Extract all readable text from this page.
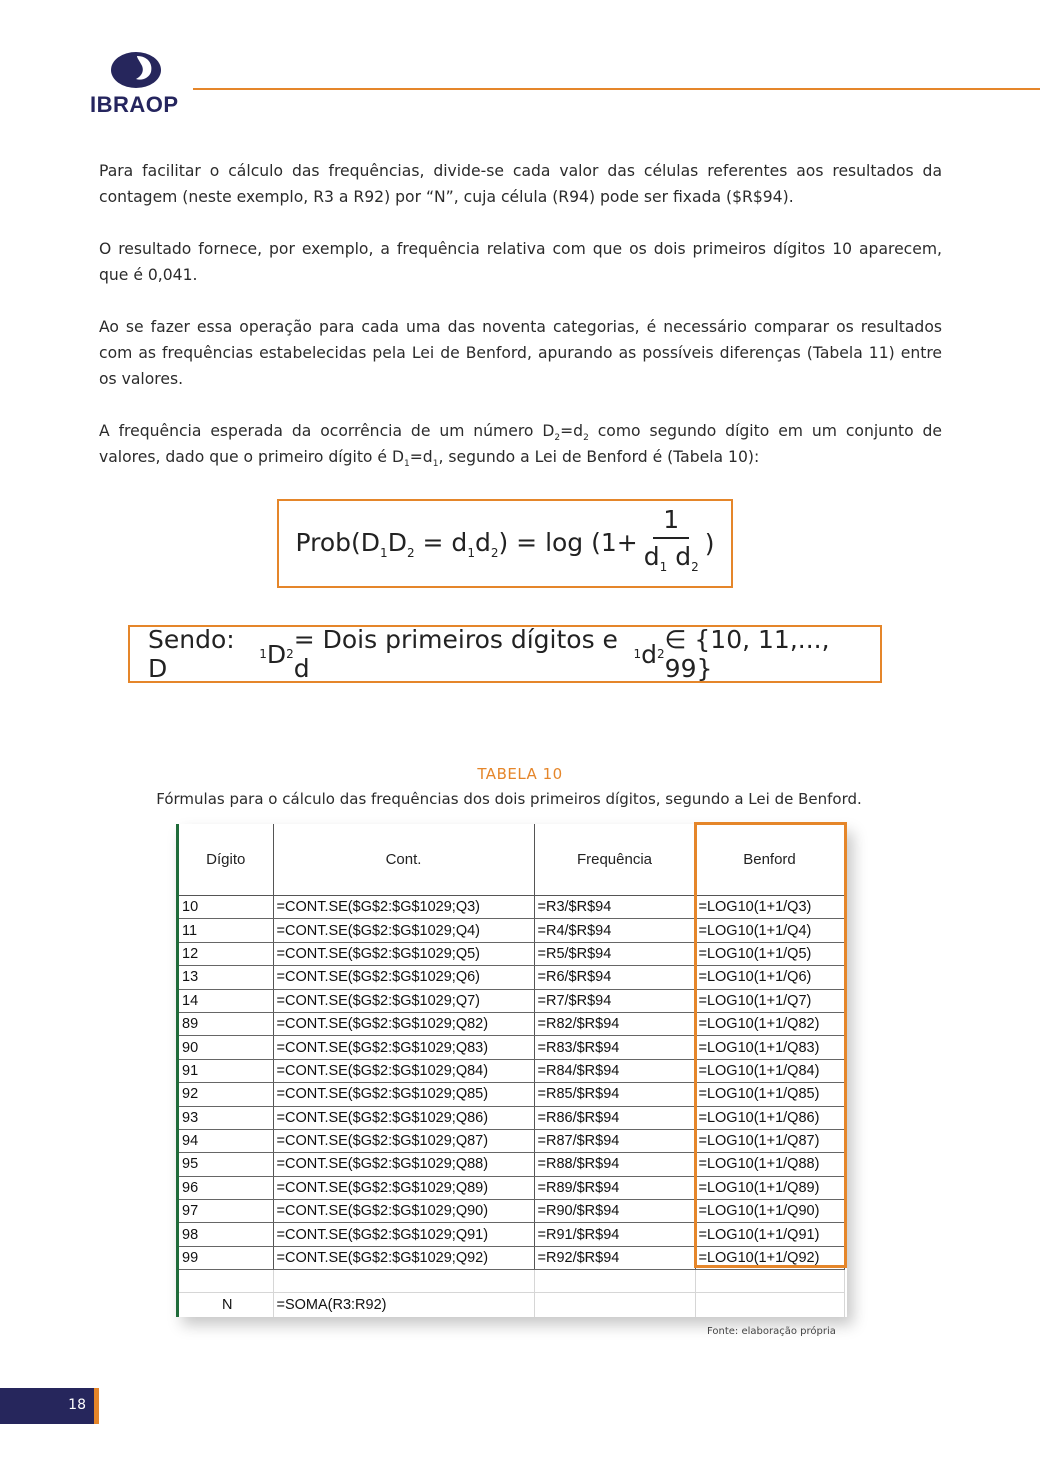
IBRAOP

Para facilitar o cálculo das frequências, divide-se cada valor das células referentes aos resultados da contagem (neste exemplo, R3 a R92) por “N”, cuja célula (R94) pode ser fixada ($R$94).

O resultado fornece, por exemplo, a frequência relativa com que os dois primeiros dígitos 10 aparecem, que é 0,041.

Ao se fazer essa operação para cada uma das noventa categorias, é necessário comparar os resultados com as frequências estabelecidas pela Lei de Benford, apurando as possíveis diferenças (Tabela 11) entre os valores.

A frequência esperada da ocorrência de um número $D_2=d_2$ como segundo dígito em um conjunto de valores, dado que o primeiro dígito é $D_1=d_1$, segundo a Lei de Benford é (Tabela 10):

$Prob(D_1D_2 = d_1d_2) = \log (1+ \frac{1}{d_1 d_2}$ )
Sendo: D	1 D 2 = Dois primeiros dígitos e d	1 d 2 ∈ {10, 11,..., 99}
TABELA 10
Fórmulas para o cálculo das frequências dos dois primeiros dígitos, segundo a Lei de Benford.
Dígito	Cont.	Frequência	Benford
10	=CONT.SE($G$2:$G$1029;Q3)	=R3/$R$94	=LOG10(1+1/Q3)
11	=CONT.SE($G$2:$G$1029;Q4)	=R4/$R$94	=LOG10(1+1/Q4)
12	=CONT.SE($G$2:$G$1029;Q5)	=R5/$R$94	=LOG10(1+1/Q5)
13	=CONT.SE($G$2:$G$1029;Q6)	=R6/$R$94	=LOG10(1+1/Q6)
14	=CONT.SE($G$2:$G$1029;Q7)	=R7/$R$94	=LOG10(1+1/Q7)
89	=CONT.SE($G$2:$G$1029;Q82)	=R82/$R$94	=LOG10(1+1/Q82)
90	=CONT.SE($G$2:$G$1029;Q83)	=R83/$R$94	=LOG10(1+1/Q83)
91	=CONT.SE($G$2:$G$1029;Q84)	=R84/$R$94	=LOG10(1+1/Q84)
92	=CONT.SE($G$2:$G$1029;Q85)	=R85/$R$94	=LOG10(1+1/Q85)
93	=CONT.SE($G$2:$G$1029;Q86)	=R86/$R$94	=LOG10(1+1/Q86)
94	=CONT.SE($G$2:$G$1029;Q87)	=R87/$R$94	=LOG10(1+1/Q87)
95	=CONT.SE($G$2:$G$1029;Q88)	=R88/$R$94	=LOG10(1+1/Q88)
96	=CONT.SE($G$2:$G$1029;Q89)	=R89/$R$94	=LOG10(1+1/Q89)
97	=CONT.SE($G$2:$G$1029;Q90)	=R90/$R$94	=LOG10(1+1/Q90)
98	=CONT.SE($G$2:$G$1029;Q91)	=R91/$R$94	=LOG10(1+1/Q91)
99	=CONT.SE($G$2:$G$1029;Q92)	=R92/$R$94	=LOG10(1+1/Q92)

N	=SOMA(R3:R92)		
Fonte: elaboração própria
18
